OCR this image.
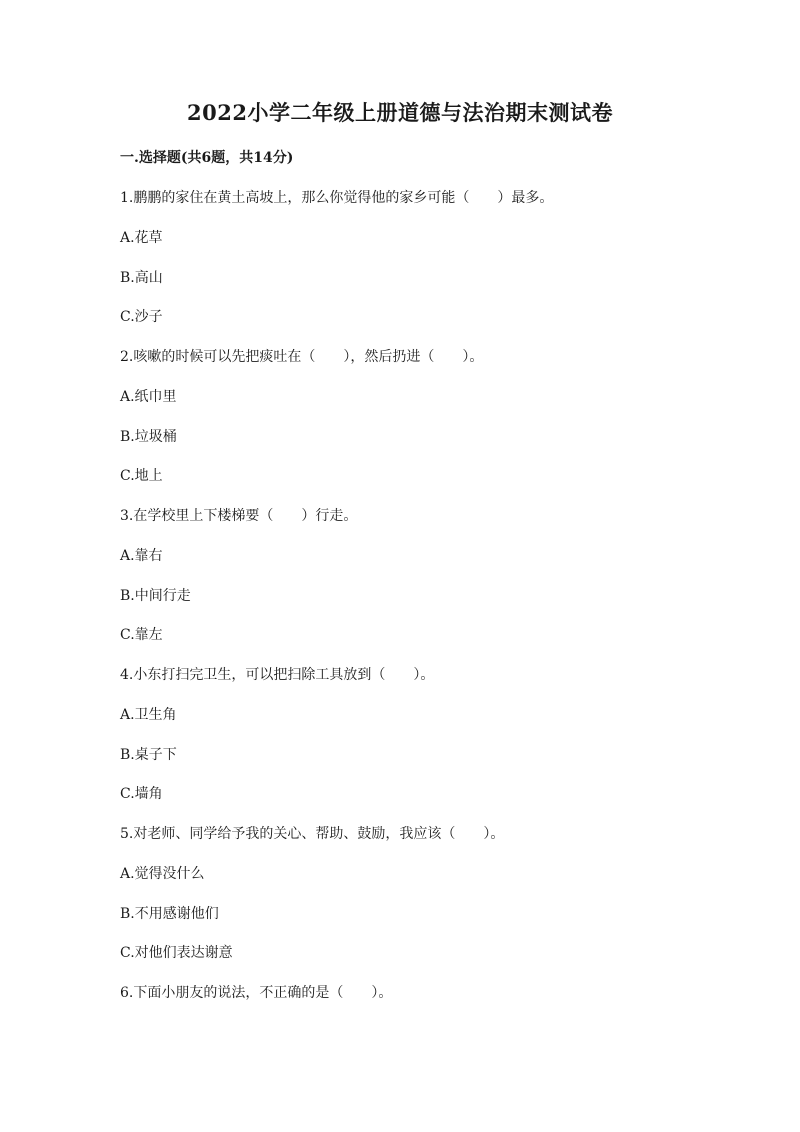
2022小学二年级上册道德与法治期末测试卷
一.选择题(共6题，共14分)
1.鹏鹏的家住在黄土高坡上，那么你觉得他的家乡可能（　　）最多。
A.花草
B.高山
C.沙子
2.咳嗽的时候可以先把痰吐在（　　），然后扔进（　　）。
A.纸巾里
B.垃圾桶
C.地上
3.在学校里上下楼梯要（　　）行走。
A.靠右
B.中间行走
C.靠左
4.小东打扫完卫生，可以把扫除工具放到（　　）。
A.卫生角
B.桌子下
C.墙角
5.对老师、同学给予我的关心、帮助、鼓励，我应该（　　）。
A.觉得没什么
B.不用感谢他们
C.对他们表达谢意
6.下面小朋友的说法，不正确的是（　　）。
